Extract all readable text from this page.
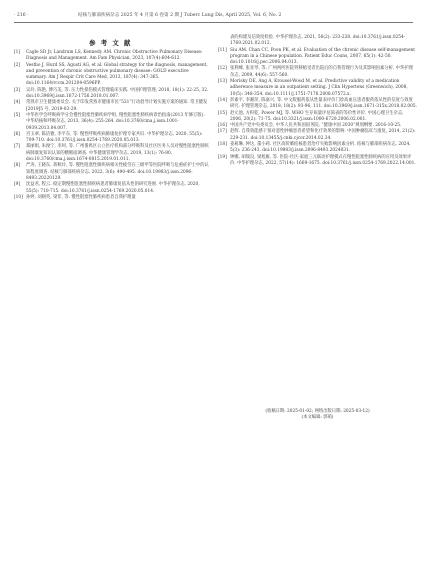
· 216 ·	结核与肺部疾病杂志 2025 年 4 月第 6 卷第 2 期 J Tuberc Lung Dis, April 2025, Vol. 6, No. 2
参 考 文 献
[1]	Cagle SD Jr, Landrum LS, Kennedy AM. Chronic Obstructive Pulmonary Disease: Diagnosis and Management. Am Fam Physician, 2023, 107(4):604-612.
[2]	Vestbo J, Hurd SS, Agusti AG, et al. Global strategy for the diagnosis, management, and prevention of chronic obstructive pulmonary disease: GOLD executive summary. Am J Respir Crit Care Med, 2013, 187(4): 347-365. doi:10.1164/rccm.201204-0596PP.
[3]	吴玲, 陈艳, 傅巧美, 等. 压力性损伤模式管理临床实践. 中国护理管理, 2018, 18(1): 22-25, 32. doi:10.3969/j.issn.1672-1756.2018.01.007.
[4]	常熟市卫生健康委员会. 关于印发常熟市健康市民“531”行动倡导计划实施方案的通知. 常卫健发[2019]5 号, 2019-03-29.
[5]	中华医学会呼吸病学分会慢性阻塞性肺疾病学组, 慢性阻塞性肺疾病诊治指南(2013 年修订版). 中华结核和呼吸杂志, 2013, 36(4): 255-264. doi:10.3760/cma.j.issn.1001-0939.2013.04.007.
[6]	宫玉翠, 陈洁雅, 李平东, 等. 慢性呼吸疾病肺康复护理专家共识. 中华护理杂志, 2020, 55(5): 709-710. doi:10.3761/j.issn.0254-1769.2020.05.013.
[7]	郑丽娟, 朱俊宁, 李珂, 等. 广州番禺区公立医疗机构部分呼吸科及社区医务人员对慢性阻塞性肺疾病肺康复知识认知的横断面调查. 中华健康管理学杂志, 2019, 13(1): 76-80. doi:10.3760/cma.j.issn.1674-0815.2019.01.011.
[8]	严涛, 王晓东, 蒋秋玲, 等. 慢性阻塞性肺疾病相关性疲劳在三级甲等医院呼吸与危重症护士中的认知程度调查. 结核与肺部疾病杂志, 2022, 3(6): 490-495. doi:10.19983/j.issn.2096-8493.20220129.
[9]	沈益君, 程云. 稳定期慢性阻塞性肺疾病患者肺康复依从性的研究进展. 中华护理杂志, 2020, 55(5): 710-715. doi:10.3761/j.issn.0254-1769.2020.05.014.
[10] 孙婷, 刘朝英, 梁菲, 等. 慢性阻塞性肺疾病患者自我护理量
表的构建及信效度检验. 中华护理杂志, 2021, 56(2): 233-238. doi:10.3761/j.issn.0254-1769.2021.02.012.
[11] Siu AM, Chan CC, Poon PK, et al. Evaluation of the chronic disease self-management program in a Chinese population. Patient Educ Couns, 2007, 65(1): 42-50. doi:10.1016/j.pec.2006.04.013.
[12] 张利峰, 张亚琴, 等. 广州两所医院肾移植受者出院后的自我管理行为及其影响因素分析. 中华护理杂志, 2009, 44(6): 557-560.
[13] Morisky DE, Ang A, Krousel-Wood M, et al. Predictive validity of a medication adherence measure in an outpatient setting. J Clin Hypertens (Greenwich), 2008, 10(5): 348-354. doi:10.1111/j.1751-7176.2008.07572.x.
[14] 彭素平, 李湘萍, 陈嘉兴, 等. 中文版服药依从性量表评价门诊高血压患者服药依从性的信度与效度研究. 护理管理杂志, 2018, 18(2): 93-96, 111. doi:10.3969/j.issn.1671-315x.2018.02.005.
[15] 赵元池, 方积乾, Power MJ, 等. WHO 生存质量评估简表的等价性评价. 中国心理卫生杂志, 2006, 20(2): 71-75. doi:10.3321/j.issn:1000-6729.2006.02.001.
[16] 中国共产党中央委员会, 中华人民共和国国务院. “健康中国 2030”规划纲要. 2016-10-25.
[17] 赵辉. 自我效能感干预对恶性肿瘤患者希望和化疗效果的影响. 中国肿瘤临床与康复, 2014, 21(2): 229-231. doi:10.13455/j.cnki.cjcor.2014.02.34.
[18] 姜莉琳, 钟达, 董小莉. 社区高阶肺结核患者治疗失败影响因素分析. 结核与肺部疾病杂志, 2024, 5(3): 236-243. doi:10.19983/j.issn.2096-8493.2024031.
[19] 钟娜, 胡瑞良, 梁旭雁, 等. 医院-社区-家庭三元联动护理模式在慢性阻塞性肺疾病的应用及效果评价. 中华护理杂志, 2022, 57(14): 1669-1675. doi:10.3761/j.issn.0254-1769.2022.14.001.
(收稿日期: 2025-01-02; 网络出版日期: 2025-03-12)
(本文编辑: 郭萌)
